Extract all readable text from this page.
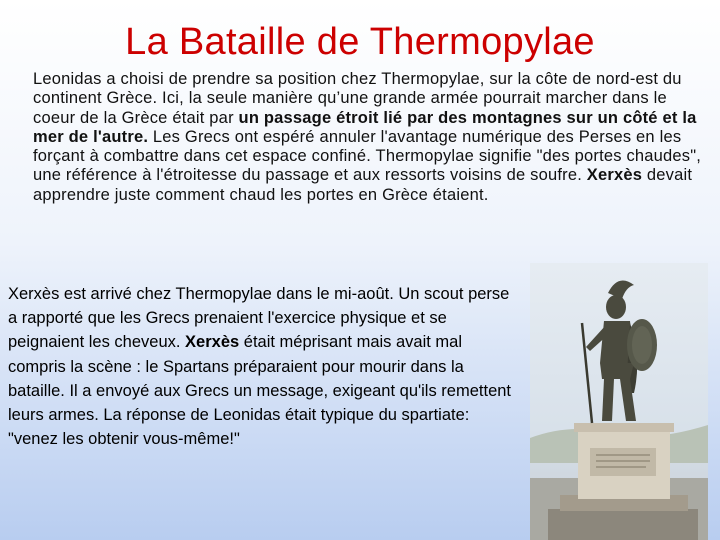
La Bataille de Thermopylae
Leonidas a choisi de prendre sa position chez Thermopylae, sur la côte de nord-est du continent Grèce. Ici, la seule manière qu’une grande armée pourrait marcher dans le coeur de la Grèce était par un passage étroit lié par des montagnes sur un côté et la mer de l'autre. Les Grecs ont espéré annuler l'avantage numérique des Perses en les forçant à combattre dans cet espace confiné. Thermopylae signifie "des portes chaudes", une référence à l'étroitesse du passage et aux ressorts voisins de soufre. Xerxès devait apprendre juste comment chaud les portes en Grèce étaient.
Xerxès est arrivé chez Thermopylae dans le mi-août. Un scout perse a rapporté que les Grecs prenaient l'exercice physique et se peignaient les cheveux. Xerxès était méprisant mais avait mal compris la scène : le Spartans préparaient pour mourir dans la bataille. Il a envoyé aux Grecs un message, exigeant qu'ils remettent leurs armes. La réponse de Leonidas était typique du spartiate: "venez les obtenir vous-même!"
